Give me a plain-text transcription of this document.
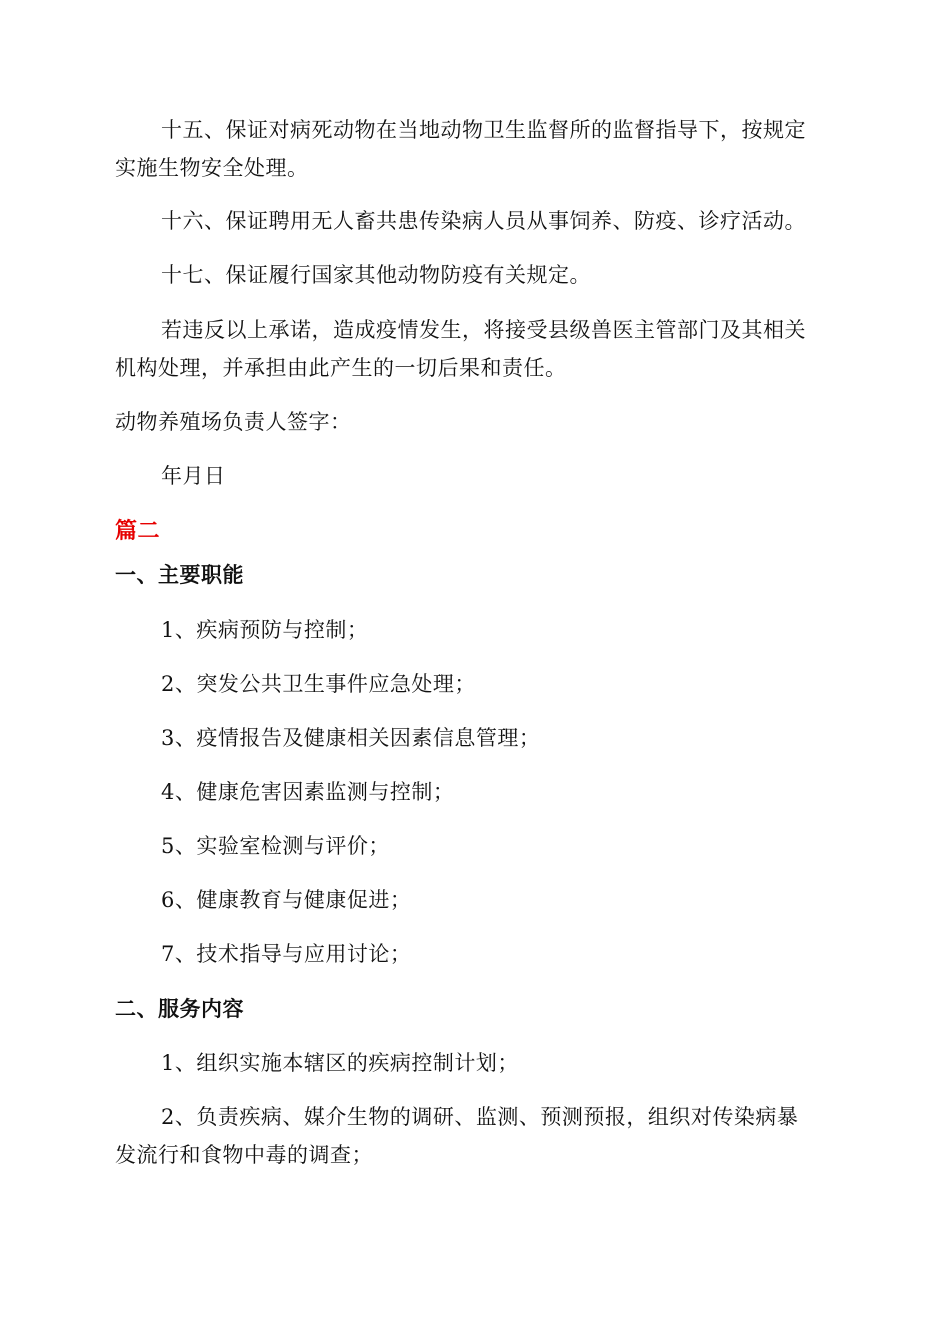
十五、保证对病死动物在当地动物卫生监督所的监督指导下，按规定
实施生物安全处理。
十六、保证聘用无人畜共患传染病人员从事饲养、防疫、诊疗活动。
十七、保证履行国家其他动物防疫有关规定。
若违反以上承诺，造成疫情发生，将接受县级兽医主管部门及其相关
机构处理，并承担由此产生的一切后果和责任。
动物养殖场负责人签字：
年月日
篇二
一、主要职能
1、疾病预防与控制；
2、突发公共卫生事件应急处理；
3、疫情报告及健康相关因素信息管理；
4、健康危害因素监测与控制；
5、实验室检测与评价；
6、健康教育与健康促进；
7、技术指导与应用讨论；
二、服务内容
1、组织实施本辖区的疾病控制计划；
2、负责疾病、媒介生物的调研、监测、预测预报，组织对传染病暴
发流行和食物中毒的调查；
